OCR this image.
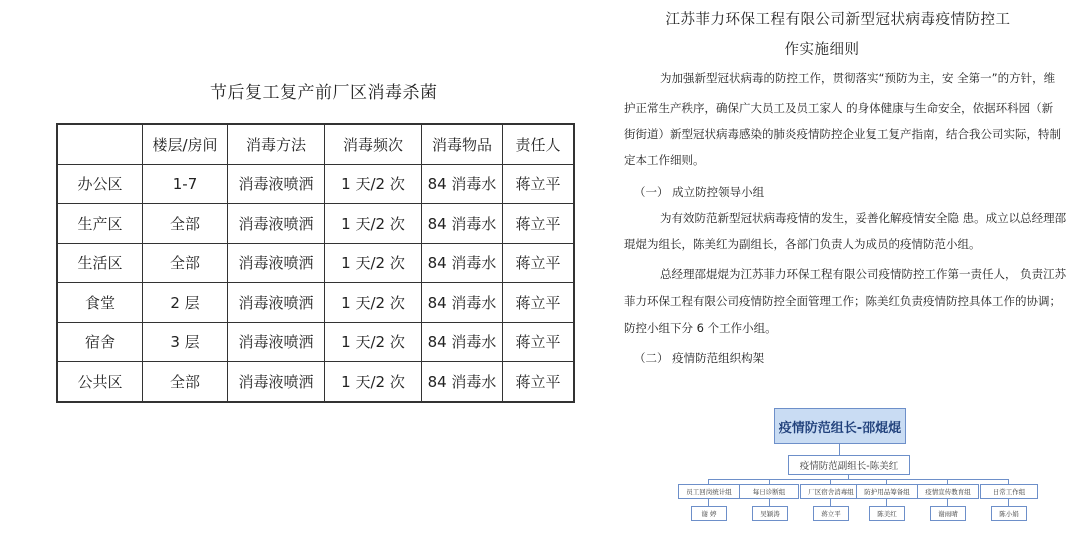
节后复工复产前厂区消毒杀菌
	楼层/房间	消毒方法	消毒频次	消毒物品	责任人
办公区	1-7	消毒液喷洒	1 天/2 次	84 消毒水	蒋立平
生产区	全部	消毒液喷洒	1 天/2 次	84 消毒水	蒋立平
生活区	全部	消毒液喷洒	1 天/2 次	84 消毒水	蒋立平
食堂	2 层	消毒液喷洒	1 天/2 次	84 消毒水	蒋立平
宿舍	3 层	消毒液喷洒	1 天/2 次	84 消毒水	蒋立平
公共区	全部	消毒液喷洒	1 天/2 次	84 消毒水	蒋立平
江苏菲力环保工程有限公司新型冠状病毒疫情防控工
作实施细则
为加强新型冠状病毒的防控工作，贯彻落实“预防为主，安 全第一”的方针，维
护正常生产秩序，确保广大员工及员工家人 的身体健康与生命安全，依据环科园（新
街街道）新型冠状病毒感染的肺炎疫情防控企业复工复产指南，结合我公司实际，特制
定本工作细则。
（一） 成立防控领导小组
为有效防范新型冠状病毒疫情的发生，妥善化解疫情安全隐 患。成立以总经理邵
琨焜为组长，陈美红为副组长，各部门负责人为成员的疫情防范小组。
总经理邵焜焜为江苏菲力环保工程有限公司疫情防控工作第一责任人， 负责江苏
菲力环保工程有限公司疫情防控全面管理工作；陈美红负责疫情防控具体工作的协调；
防控小组下分 6 个工作小组。
（二） 疫情防范组织构架
疫情防范组长-邵焜焜
疫情防范副组长-陈美红
员工回岗统计组	每日诊断组	厂区宿舍消毒组	防护用品筹备组	疫情宣传教育组	日常工作组
谢 婷	吴颖涛	蒋立平	陈美红	谢雨晴	陈小娟
